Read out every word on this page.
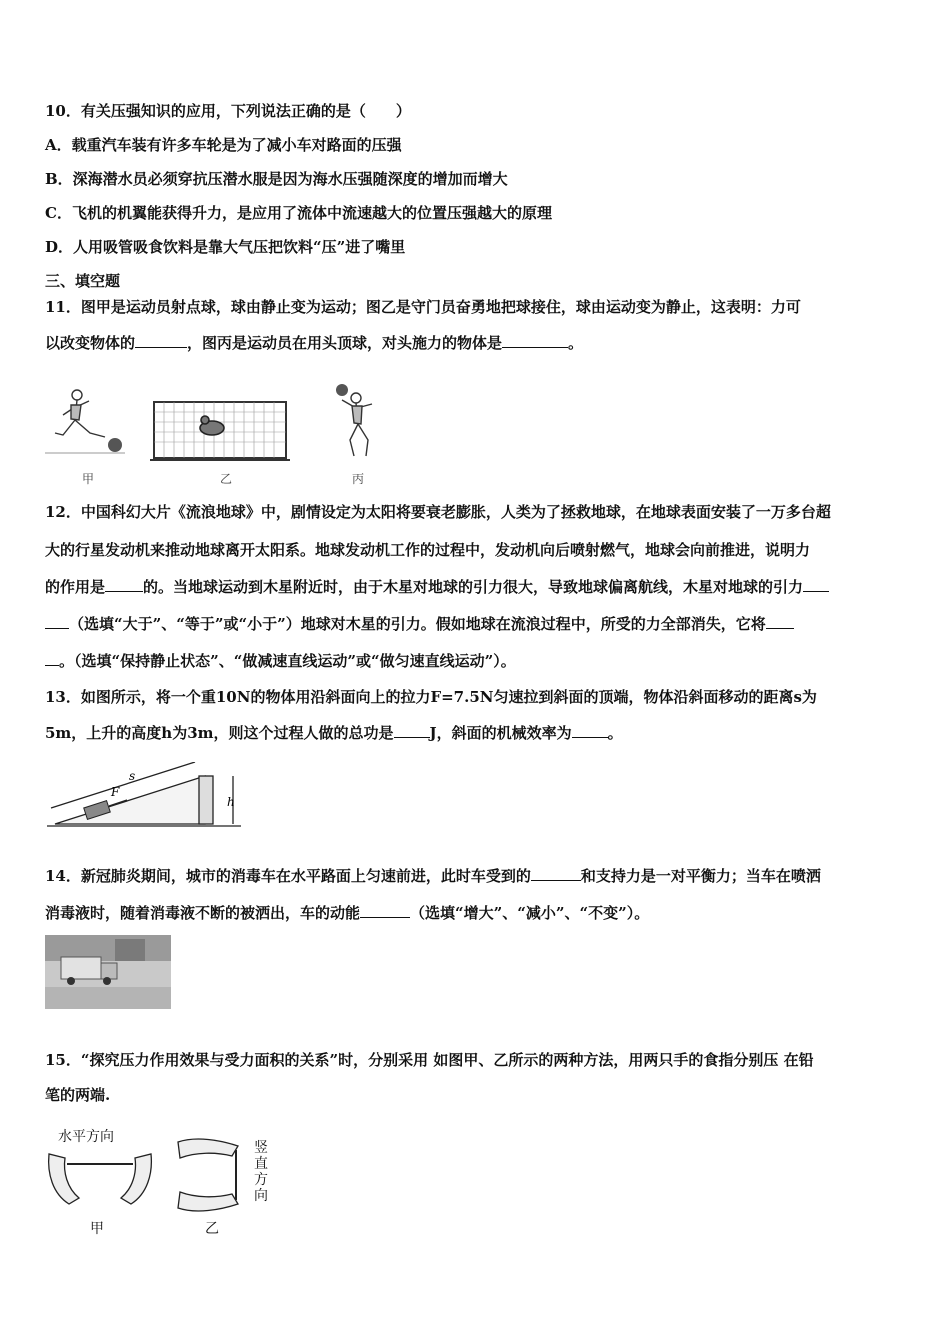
10．有关压强知识的应用，下列说法正确的是（　　）
A．载重汽车装有许多车轮是为了减小车对路面的压强
B．深海潜水员必须穿抗压潜水服是因为海水压强随深度的增加而增大
C．飞机的机翼能获得升力，是应用了流体中流速越大的位置压强越大的原理
D．人用吸管吸食饮料是靠大气压把饮料“压”进了嘴里
三、填空题
11．图甲是运动员射点球，球由静止变为运动；图乙是守门员奋勇地把球接住，球由运动变为静止，这表明：力可
以改变物体的	，图丙是运动员在用头顶球，对头施力的物体是	。
甲	乙	丙
12．中国科幻大片《流浪地球》中，剧情设定为太阳将要衰老膨胀，人类为了拯救地球，在地球表面安装了一万多台超
大的行星发动机来推动地球离开太阳系。地球发动机工作的过程中，发动机向后喷射燃气，地球会向前推进，说明力
的作用是	的。当地球运动到木星附近时，由于木星对地球的引力很大，导致地球偏离航线，木星对地球的引力
（选填“大于”、“等于”或“小于”）地球对木星的引力。假如地球在流浪过程中，所受的力全部消失，它将
。（选填“保持静止状态”、“做减速直线运动”或“做匀速直线运动”）。
13．如图所示，将一个重10N的物体用沿斜面向上的拉力F=7.5N匀速拉到斜面的顶端，物体沿斜面移动的距离s为
5m，上升的高度h为3m，则这个过程人做的总功是 J，斜面的机械效率为 。
F
s
h
14．新冠肺炎期间，城市的消毒车在水平路面上匀速前进，此时车受到的	和支持力是一对平衡力；当车在喷洒
消毒液时，随着消毒液不断的被洒出，车的动能	（选填“增大”、“减小”、“不变”）。
15．“探究压力作用效果与受力面积的关系”时，分别采用 如图甲、乙所示的两种方法，用两只手的食指分别压 在铅
笔的两端.
水平方向
甲
竖
直
方
向
乙
